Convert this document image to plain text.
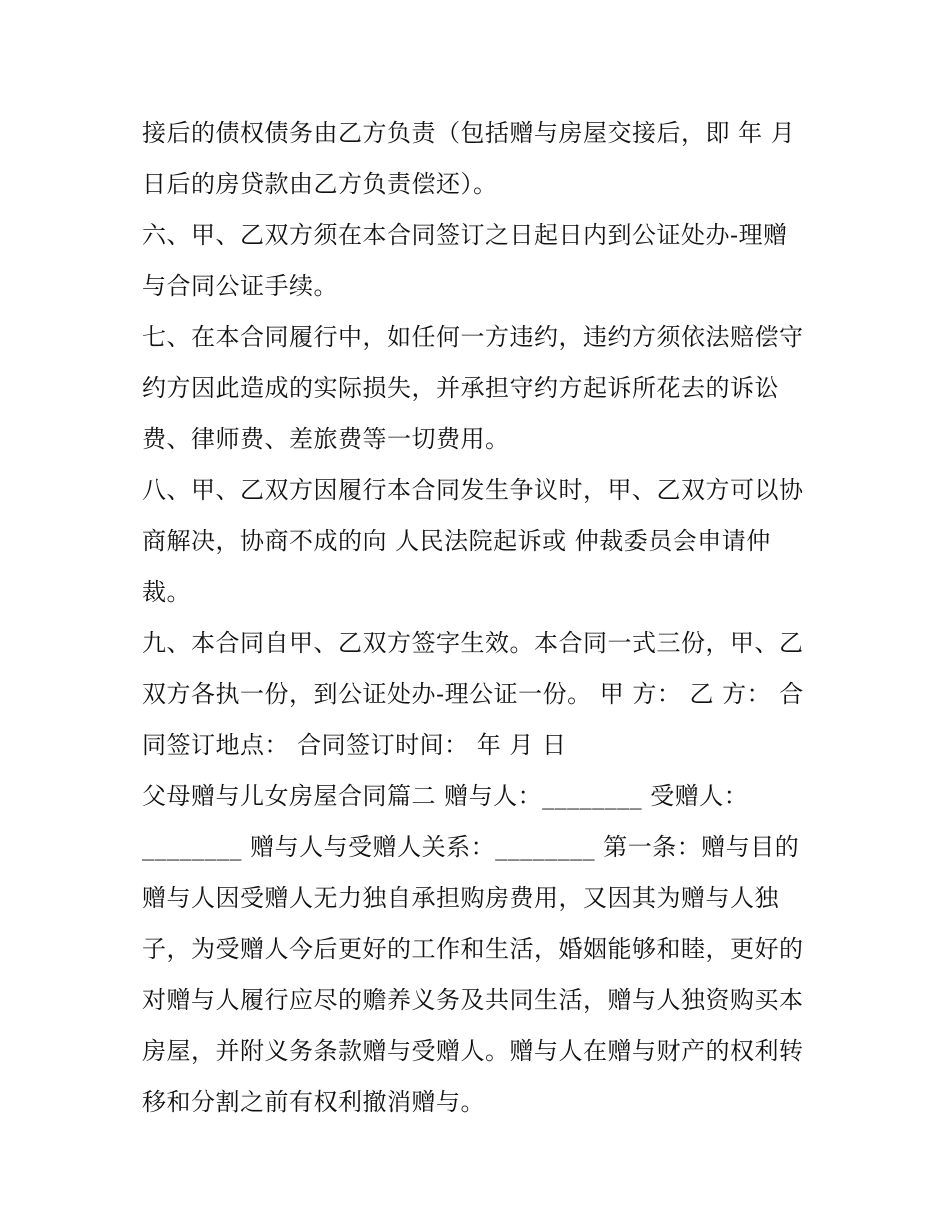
接后的债权债务由乙方负责（包括赠与房屋交接后，即 年 月
日后的房贷款由乙方负责偿还）。
六、甲、乙双方须在本合同签订之日起日内到公证处办-理赠
与合同公证手续。
七、在本合同履行中，如任何一方违约，违约方须依法赔偿守
约方因此造成的实际损失，并承担守约方起诉所花去的诉讼
费、律师费、差旅费等一切费用。
八、甲、乙双方因履行本合同发生争议时，甲、乙双方可以协
商解决，协商不成的向 人民法院起诉或 仲裁委员会申请仲
裁。
九、本合同自甲、乙双方签字生效。本合同一式三份，甲、乙
双方各执一份，到公证处办-理公证一份。 甲 方： 乙 方： 合
同签订地点： 合同签订时间： 年 月 日
父母赠与儿女房屋合同篇二 赠与人：________ 受赠人：
________ 赠与人与受赠人关系：________ 第一条：赠与目的
赠与人因受赠人无力独自承担购房费用，又因其为赠与人独
子，为受赠人今后更好的工作和生活，婚姻能够和睦，更好的
对赠与人履行应尽的赡养义务及共同生活，赠与人独资购买本
房屋，并附义务条款赠与受赠人。赠与人在赠与财产的权利转
移和分割之前有权利撤消赠与。
